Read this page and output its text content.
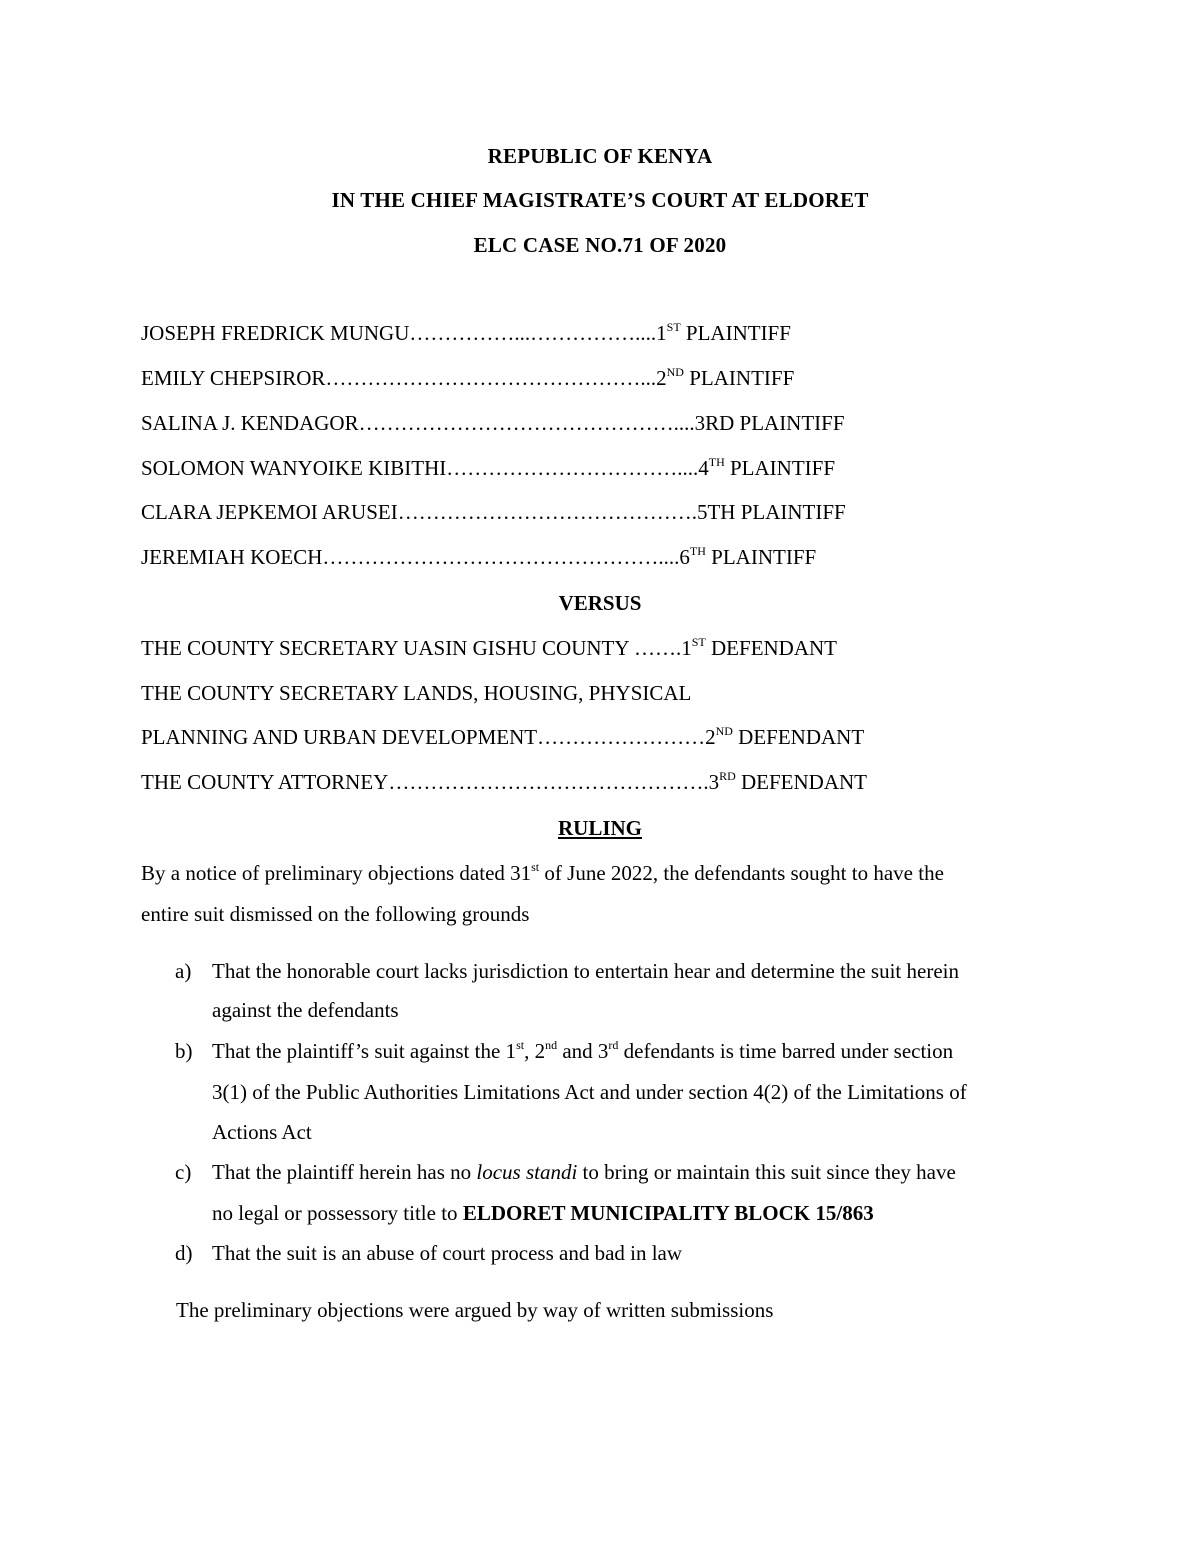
REPUBLIC OF KENYA
IN THE CHIEF MAGISTRATE’S COURT AT ELDORET
ELC CASE NO.71 OF 2020
JOSEPH FREDRICK MUNGU……………...……………....1ST PLAINTIFF
EMILY CHEPSIROR………………………………………...2ND PLAINTIFF
SALINA J. KENDAGOR………………………………………....3RD PLAINTIFF
SOLOMON WANYOIKE KIBITHI……………………………....4TH PLAINTIFF
CLARA JEPKEMOI ARUSEI…………………………………….5TH PLAINTIFF
JEREMIAH KOECH…………………………………………....6TH PLAINTIFF
VERSUS
THE COUNTY SECRETARY UASIN GISHU COUNTY …….1ST DEFENDANT
THE COUNTY SECRETARY LANDS, HOUSING, PHYSICAL
PLANNING AND URBAN DEVELOPMENT……………………2ND DEFENDANT
THE COUNTY ATTORNEY……………………………………….3RD DEFENDANT
RULING
By a notice of preliminary objections dated 31st of June 2022, the defendants sought to have the
entire suit dismissed on the following grounds
a) That the honorable court lacks jurisdiction to entertain hear and determine the suit herein
against the defendants
b) That the plaintiff’s suit against the 1st, 2nd and 3rd defendants is time barred under section
3(1) of the Public Authorities Limitations Act and under section 4(2) of the Limitations of
Actions Act
c) That the plaintiff herein has no locus standi to bring or maintain this suit since they have
no legal or possessory title to ELDORET MUNICIPALITY BLOCK 15/863
d) That the suit is an abuse of court process and bad in law
The preliminary objections were argued by way of written submissions
